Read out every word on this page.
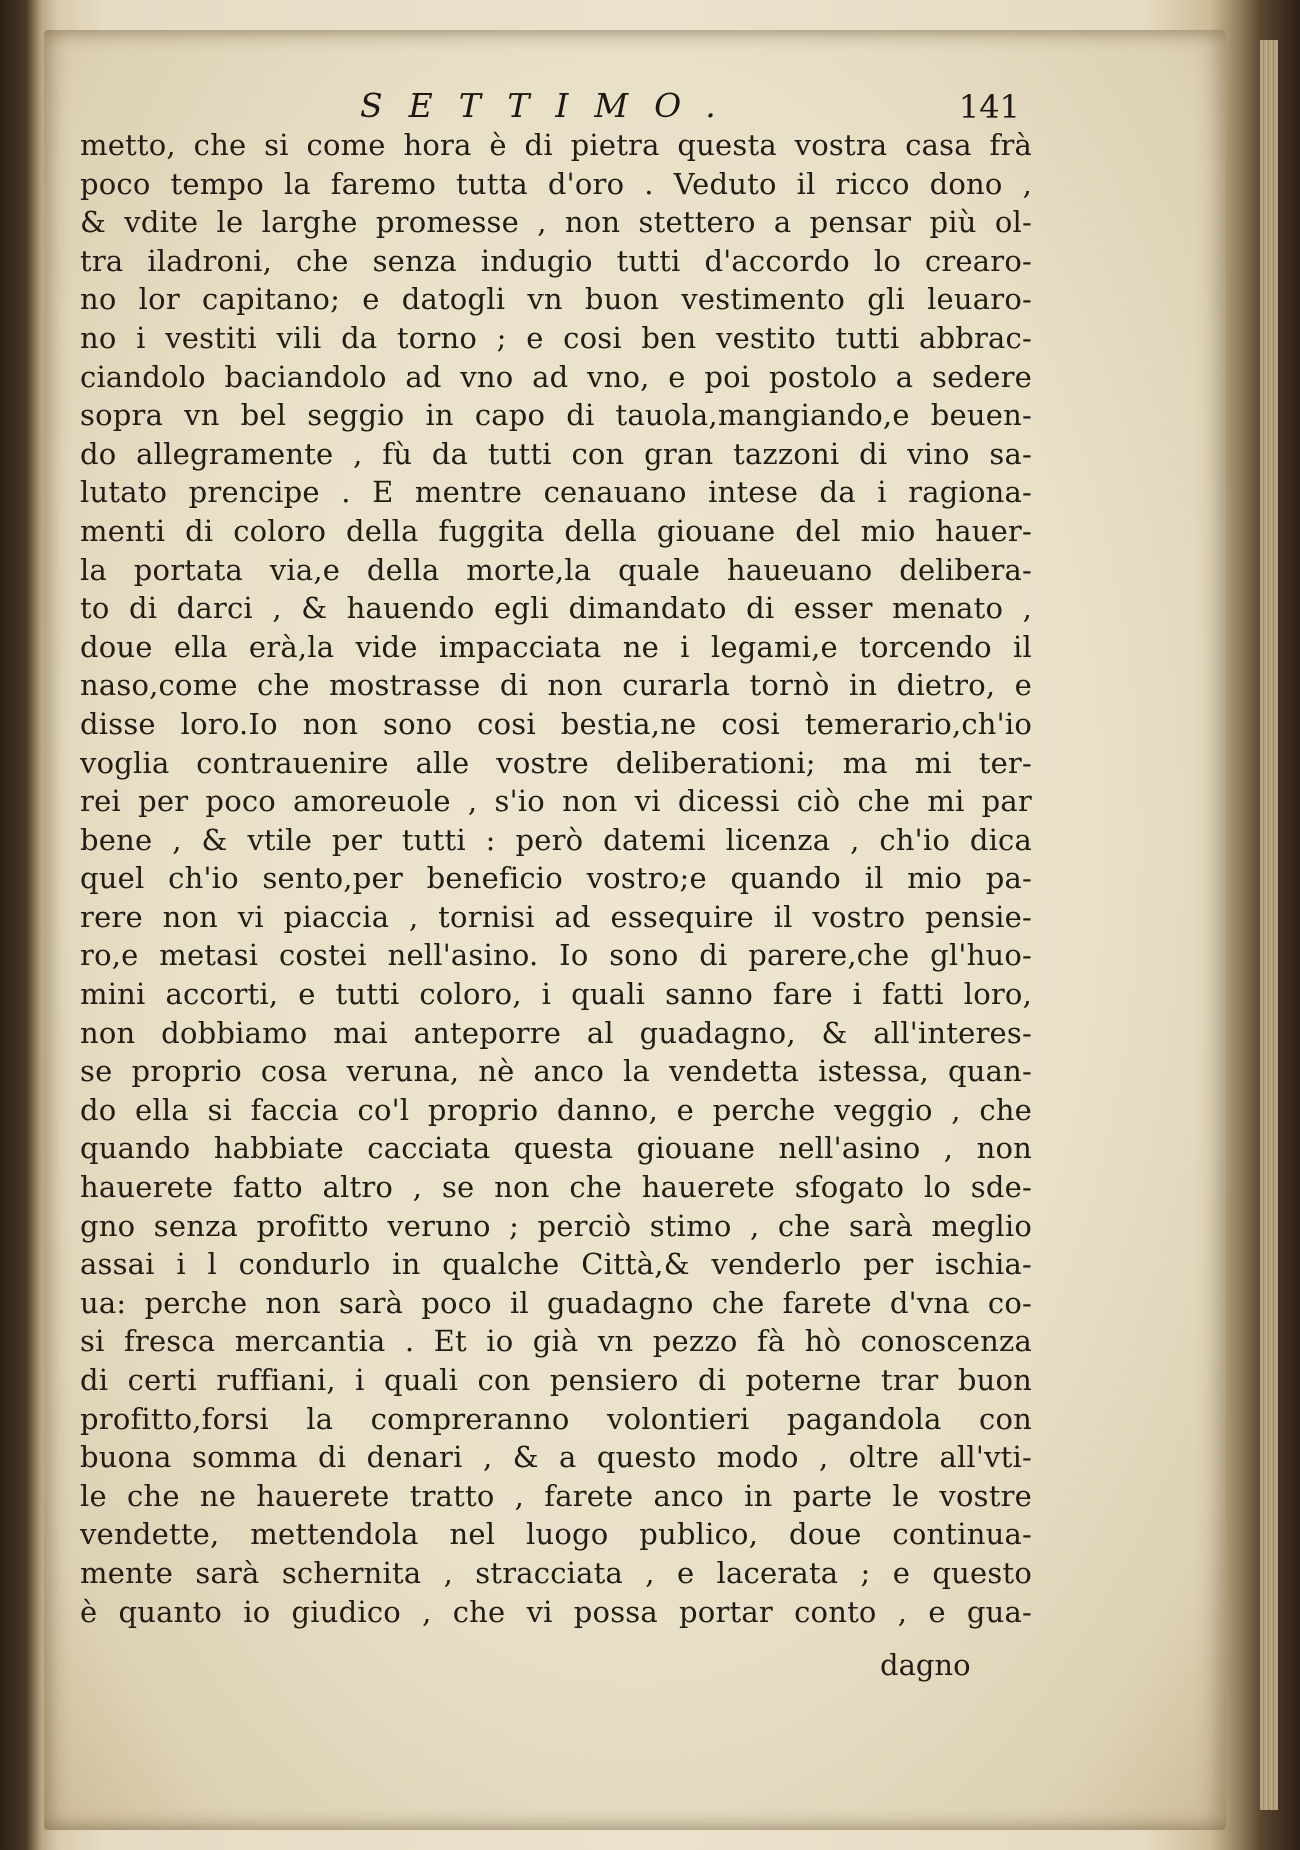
SETTIMO.	141
metto, che si come hora è di pietra questa vostra casa frà
poco tempo la faremo tutta d'oro . Veduto il ricco dono ,
& vdite le larghe promesse , non stettero a pensar più ol-
tra iladroni, che senza indugio tutti d'accordo lo crearo-
no lor capitano; e datogli vn buon vestimento gli leuaro-
no i vestiti vili da torno ; e cosi ben vestito tutti abbrac-
ciandolo baciandolo ad vno ad vno, e poi postolo a sedere
sopra vn bel seggio in capo di tauola,mangiando,e beuen-
do allegramente , fù da tutti con gran tazzoni di vino sa-
lutato prencipe . E mentre cenauano intese da i ragiona-
menti di coloro della fuggita della giouane del mio hauer-
la portata via,e della morte,la quale haueuano delibera-
to di darci , & hauendo egli dimandato di esser menato ,
doue ella erà,la vide impacciata ne i legami,e torcendo il
naso,come che mostrasse di non curarla tornò in dietro, e
disse loro.Io non sono cosi bestia,ne cosi temerario,ch'io
voglia contrauenire alle vostre deliberationi; ma mi ter-
rei per poco amoreuole , s'io non vi dicessi ciò che mi par
bene , & vtile per tutti : però datemi licenza , ch'io dica
quel ch'io sento,per beneficio vostro;e quando il mio pa-
rere non vi piaccia , tornisi ad essequire il vostro pensie-
ro,e metasi costei nell'asino. Io sono di parere,che gl'huo-
mini accorti, e tutti coloro, i quali sanno fare i fatti loro,
non dobbiamo mai anteporre al guadagno, & all'interes-
se proprio cosa veruna, nè anco la vendetta istessa, quan-
do ella si faccia co'l proprio danno, e perche veggio , che
quando habbiate cacciata questa giouane nell'asino , non
hauerete fatto altro , se non che hauerete sfogato lo sde-
gno senza profitto veruno ; perciò stimo , che sarà meglio
assai i l condurlo in qualche Città,& venderlo per ischia-
ua: perche non sarà poco il guadagno che farete d'vna co-
si fresca mercantia . Et io già vn pezzo fà hò conoscenza
di certi ruffiani, i quali con pensiero di poterne trar buon
profitto,forsi la compreranno volontieri pagandola con
buona somma di denari , & a questo modo , oltre all'vti-
le che ne hauerete tratto , farete anco in parte le vostre
vendette, mettendola nel luogo publico, doue continua-
mente sarà schernita , stracciata , e lacerata ; e questo
è quanto io giudico , che vi possa portar conto , e gua-
dagno
